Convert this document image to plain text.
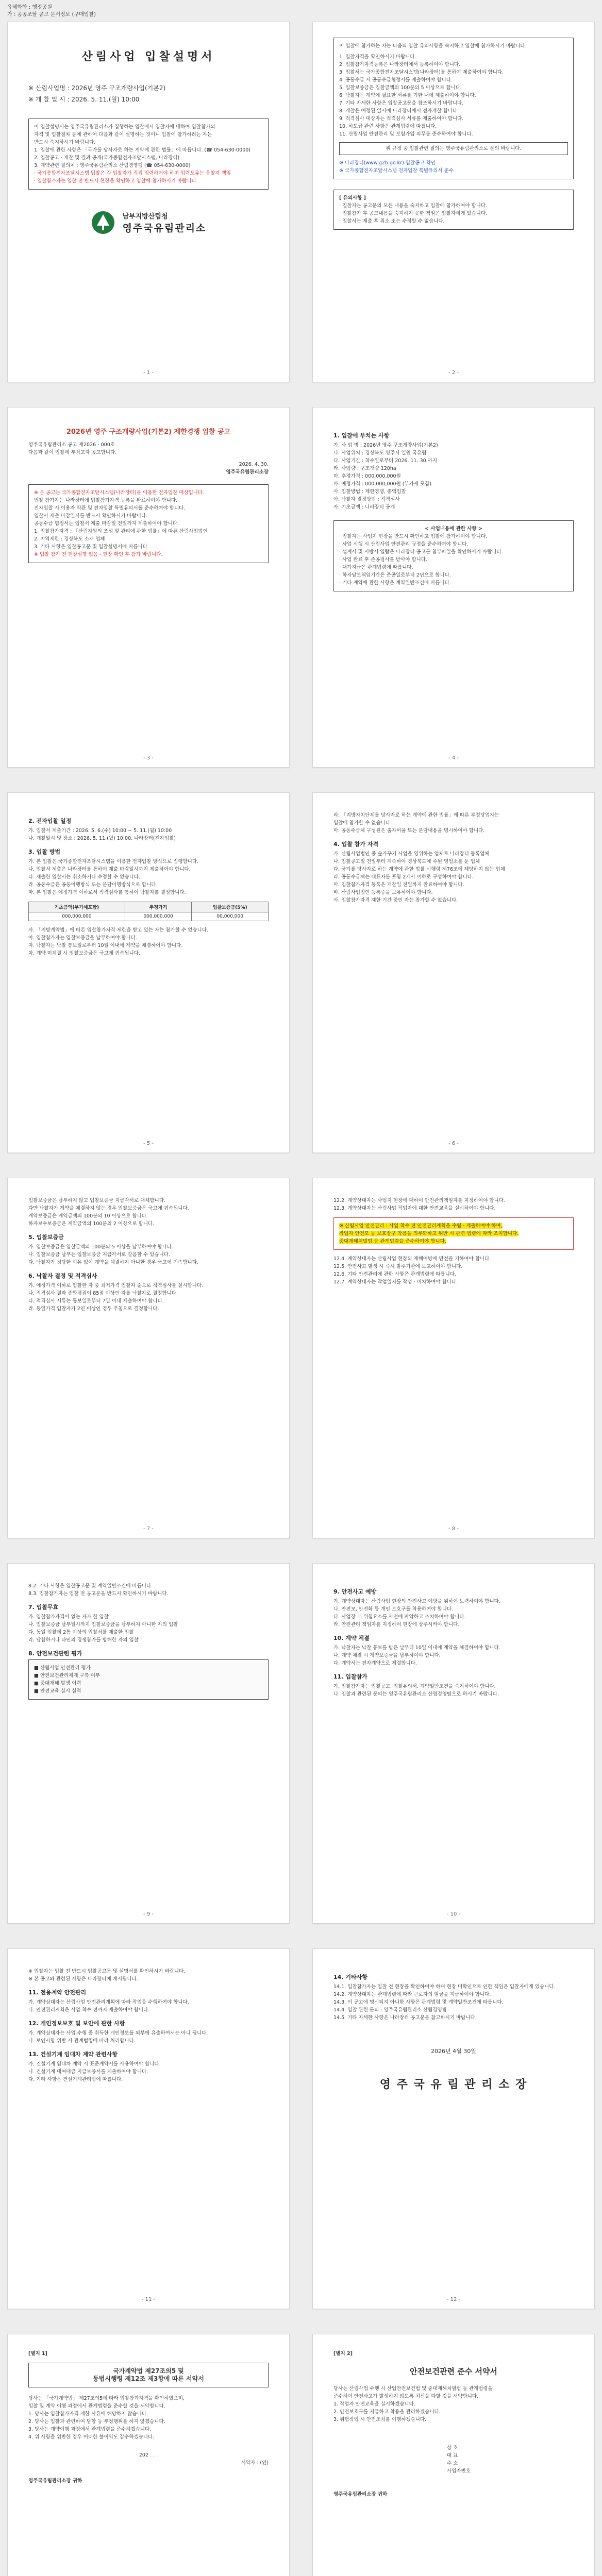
유해화학 : 행정공원
가 : 공공조달 공고 문서정보 (구매입찰)

산림사업 입찰설명서

※ 산림사업명 : 2026년 영주 구조개량사업(기본2)

※ 개 찰 일 시 : 2026. 5. 11.(월) 10:00

이 입찰설명서는 영주국유림관리소가 집행하는 입찰에서 입찰자에 대하여 입찰참가의

자격 및 입찰절차 등에 관하여 다음과 같이 설명하는 것이니 입찰에 참가하려는 자는

반드시 숙지하시기 바랍니다.

1. 입찰에 관한 사항은 「국가를 당사자로 하는 계약에 관한 법률」에 따릅니다. (☎ 054-630-0000)

2. 입찰공고 · 개찰 및 결과 공개(국가종합전자조달시스템, 나라장터)

3. 계약관련 질의처 : 영주국유림관리소 산림경영팀 (☎ 054-630-0000)

· 국가종합전자조달시스템 입찰은 각 입찰자가 직접 입력하여야 하며 입력오류는 응찰자 책임

· 입찰참가자는 입찰 전 반드시 현장을 확인하고 입찰에 참가하시기 바랍니다.

남부지방산림청
영주국유림관리소
- 1 -

이 입찰에 참가하는 자는 다음의 입찰 유의사항을 숙지하고 입찰에 참가하시기 바랍니다.

1. 입찰자격을 확인하시기 바랍니다.

2. 입찰참가자격등록은 나라장터에서 등록하여야 합니다.

3. 입찰서는 국가종합전자조달시스템(나라장터)를 통하여 제출하여야 합니다.

4. 공동수급 시 공동수급협정서를 제출하여야 합니다.

5. 입찰보증금은 입찰금액의 100분의 5 이상으로 합니다.

6. 낙찰자는 계약에 필요한 서류를 기한 내에 제출하여야 합니다.

7. 기타 자세한 사항은 입찰공고문을 참조하시기 바랍니다.

8. 개찰은 예정된 일시에 나라장터에서 전자개찰 합니다.

9. 적격심사 대상자는 적격심사 서류를 제출하여야 합니다.

10. 하도급 관련 사항은 관계법령에 따릅니다.

11. 산림사업 안전관리 및 보험가입 의무를 준수하여야 합니다.

위 규정 중 입찰관련 질의는 영주국유림관리소로 문의 바랍니다.

※ 나라장터(www.g2b.go.kr) 입찰공고 확인

※ 국가종합전자조달시스템 전자입찰 특별유의서 준수

[ 유의사항 ]

· 입찰자는 공고문의 모든 내용을 숙지하고 입찰에 참가하여야 합니다.

· 입찰참가 후 공고내용을 숙지하지 못한 책임은 입찰자에게 있습니다.

· 입찰서는 제출 후 취소 또는 수정할 수 없습니다.

- 2 -

2026년 영주 구조개량사업(기본2) 제한경쟁 입찰 공고

영주국유림관리소 공고 제2026 - 000호

다음과 같이 입찰에 부치고자 공고합니다.

2026. 4. 30.

영주국유림관리소장

※ 본 공고는 국가종합전자조달시스템(나라장터)을 이용한 전자입찰 대상입니다.

입찰 참가자는 나라장터에 입찰참가자격 등록을 완료하여야 합니다.

전자입찰 시 이용자 약관 및 전자입찰 특별유의서를 준수하여야 합니다.

입찰서 제출 마감일시를 반드시 확인하시기 바랍니다.

공동수급 협정서는 입찰서 제출 마감일 전일까지 제출하여야 합니다.

1. 입찰참가자격 : 「산림자원의 조성 및 관리에 관한 법률」에 따른 산림사업법인

2. 지역제한 : 경상북도 소재 업체

3. 기타 사항은 입찰공고문 및 입찰설명서에 따릅니다.

※ 입찰 참가 전 현장설명 없음 - 현장 확인 후 참가 바랍니다.

- 3 -

1. 입찰에 부치는 사항

가. 사 업 명 : 2026년 영주 구조개량사업(기본2)

나. 사업위치 : 경상북도 영주시 일원 국유림

다. 사업기간 : 착수일로부터 2026. 11. 30.까지

라. 사업량 : 구조개량 120ha

마. 추정가격 : 000,000,000원

바. 예정가격 : 000,000,000원 (부가세 포함)

사. 입찰방법 : 제한경쟁, 총액입찰

아. 낙찰자 결정방법 : 적격심사

자. 기초금액 : 나라장터 공개

< 사업내용에 관한 사항 >

· 입찰자는 사업지 현장을 반드시 확인하고 입찰에 참가하여야 합니다.

· 사업 시행 시 산림사업 안전관리 규정을 준수하여야 합니다.

· 설계서 및 시방서 열람은 나라장터 공고문 첨부파일을 확인하시기 바랍니다.

· 사업 완료 후 준공검사를 받아야 합니다.

· 대가지급은 관계법령에 따릅니다.

· 하자담보책임기간은 준공일로부터 2년으로 합니다.

· 기타 계약에 관한 사항은 계약일반조건에 따릅니다.

- 4 -

2. 전자입찰 일정

가. 입찰서 제출기간 : 2026. 5. 6.(수) 10:00 ~ 5. 11.(월) 10:00

나. 개찰일시 및 장소 : 2026. 5. 11.(월) 10:00, 나라장터(전자입찰)

3. 입찰 방법

가. 본 입찰은 국가종합전자조달시스템을 이용한 전자입찰 방식으로 집행합니다.

나. 입찰서 제출은 나라장터를 통하여 제출 마감일시까지 제출하여야 합니다.

다. 제출한 입찰서는 취소하거나 수정할 수 없습니다.

라. 공동수급은 공동이행방식 또는 분담이행방식으로 합니다.

마. 본 입찰은 예정가격 이하로서 적격심사를 통하여 낙찰자를 결정합니다.

기초금액(부가세포함)	추정가격	입찰보증금(5%)
000,000,000	000,000,000	00,000,000

사. 「지방계약법」에 따른 입찰참가자격 제한을 받고 있는 자는 참가할 수 없습니다.

아. 입찰참가자는 입찰보증금을 납부하여야 합니다.

자. 낙찰자는 낙찰 통보일로부터 10일 이내에 계약을 체결하여야 합니다.

차. 계약 미체결 시 입찰보증금은 국고에 귀속됩니다.

- 5 -

라. 「지방자치단체를 당사자로 하는 계약에 관한 법률」에 따른 부정당업자는

입찰에 참가할 수 없습니다.

마. 공동수급체 구성원은 출자비율 또는 분담내용을 명시하여야 합니다.

4. 입찰 참가 자격

가. 산림사업법인 중 숲가꾸기 사업을 영위하는 업체로 나라장터 등록업체

나. 입찰공고일 전일부터 계속하여 경상북도에 주된 영업소를 둔 업체

다. 국가를 당사자로 하는 계약에 관한 법률 시행령 제76조에 해당하지 않는 업체

라. 공동수급체는 대표자를 포함 2개사 이하로 구성하여야 합니다.

마. 입찰참가자격 등록은 개찰일 전일까지 완료하여야 합니다.

바. 산림사업법인 등록증을 보유하여야 합니다.

사. 입찰참가자격 제한 기간 중인 자는 참가할 수 없습니다.

- 6 -

입찰보증금은 납부하지 않고 입찰보증금 지급각서로 대체합니다.

다만 낙찰자가 계약을 체결하지 않는 경우 입찰보증금은 국고에 귀속됩니다.

계약보증금은 계약금액의 100분의 10 이상으로 합니다.

하자보수보증금은 계약금액의 100분의 2 이상으로 합니다.

5. 입찰보증금

가. 입찰보증금은 입찰금액의 100분의 5 이상을 납부하여야 합니다.

나. 입찰보증금 납부는 입찰보증금 지급각서로 갈음할 수 있습니다.

다. 낙찰자가 정당한 이유 없이 계약을 체결하지 아니한 경우 국고에 귀속합니다.

6. 낙찰자 결정 및 적격심사

가. 예정가격 이하로 입찰한 자 중 최저가격 입찰자 순으로 적격심사를 실시합니다.

나. 적격심사 결과 종합평점이 85점 이상인 자를 낙찰자로 결정합니다.

다. 적격심사 서류는 통보일로부터 7일 이내 제출하여야 합니다.

라. 동일가격 입찰자가 2인 이상인 경우 추첨으로 결정합니다.

- 7 -

12.2. 계약상대자는 사업지 현장에 대하여 안전관리책임자를 지정하여야 합니다.

12.3. 계약상대자는 산림사업 작업자에 대한 안전교육을 실시하여야 합니다.

※ 산림사업 안전관리 : 사업 착수 전 안전관리계획을 수립 · 제출하여야 하며,

작업자 안전모 등 보호장구 착용을 의무화하고 위반 시 관련 법령에 따라 조치합니다.

중대재해처벌법 등 관계법령을 준수하여야 합니다.

12.4. 계약상대자는 산림사업 현장의 재해예방에 만전을 기하여야 합니다.

12.5. 안전사고 발생 시 즉시 발주기관에 보고하여야 합니다.

12.6. 기타 안전관리에 관한 사항은 관계법령에 따릅니다.

12.7. 계약상대자는 작업일지를 작성 · 비치하여야 합니다.

- 8 -

8.2. 기타 사항은 입찰공고문 및 계약일반조건에 따릅니다.

8.3. 입찰참가자는 입찰 전 공고문을 반드시 확인하시기 바랍니다.

7. 입찰무효

가. 입찰참가자격이 없는 자가 한 입찰

나. 입찰보증금 납부일시까지 입찰보증금을 납부하지 아니한 자의 입찰

다. 동일 입찰에 2통 이상의 입찰서를 제출한 입찰

라. 담합하거나 타인의 경쟁참가를 방해한 자의 입찰

8. 안전보건관련 평가

■ 산림사업 안전관리 평가

■ 안전보건관리체계 구축 여부

■ 중대재해 발생 이력

■ 안전교육 실시 실적

- 9 -

9. 안전사고 예방

가. 계약상대자는 산림사업 현장의 안전사고 예방을 위하여 노력하여야 합니다.

나. 안전모, 안전화 등 개인 보호구를 착용하여야 합니다.

다. 사업장 내 위험요소를 사전에 파악하고 조치하여야 합니다.

라. 안전관리 책임자를 지정하여 현장에 상주시켜야 합니다.

10. 계약 체결

가. 낙찰자는 낙찰 통보를 받은 날부터 10일 이내에 계약을 체결하여야 합니다.

나. 계약 체결 시 계약보증금을 납부하여야 합니다.

다. 계약서는 전자계약으로 체결합니다.

11. 입찰참가

가. 입찰참가자는 입찰공고, 입찰유의서, 계약일반조건을 숙지하여야 합니다.

나. 입찰과 관련된 문의는 영주국유림관리소 산림경영팀으로 하시기 바랍니다.

- 10 -

※ 입찰자는 입찰 전 반드시 입찰공고문 및 설명서를 확인하시기 바랍니다.

※ 본 공고와 관련된 사항은 나라장터에 게시됩니다.

11. 전용계약 안전관리

가. 계약상대자는 산림사업 안전관리계획에 따라 작업을 수행하여야 합니다.

나. 안전관리계획은 사업 착수 전까지 제출하여야 합니다.

12. 개인정보보호 및 보안에 관한 사항

가. 계약상대자는 사업 수행 중 취득한 개인정보를 외부에 유출하여서는 아니 됩니다.

나. 보안사항 위반 시 관계법령에 따라 처리합니다.

13. 건설기계 임대차 계약 관련사항

가. 건설기계 임대차 계약 시 표준계약서를 사용하여야 합니다.

나. 건설기계 대여대금 지급보증서를 제출하여야 합니다.

다. 기타 사항은 건설기계관리법에 따릅니다.

- 11 -

14. 기타사항

14.1. 입찰참가자는 입찰 전 현장을 확인하여야 하며 현장 미확인으로 인한 책임은 입찰자에게 있습니다.

14.2. 계약상대자는 관계법령에 따라 근로자의 임금을 지급하여야 합니다.

14.3. 이 공고에 명시되지 아니한 사항은 관계법령 및 계약일반조건에 따릅니다.

14.4. 입찰 관련 문의 : 영주국유림관리소 산림경영팀

14.5. 기타 자세한 사항은 나라장터 공고문을 참고하시기 바랍니다.

2026년 4월 30일

영 주 국 유 림 관 리 소 장

- 12 -

[별지 1]

국가계약법 제27조의5 및

동법시행령 제12조 제3항에 따른 서약서

당사는 「국가계약법」 제27조의5에 따라 입찰참가자격을 확인하였으며,

입찰 및 계약 이행 과정에서 관계법령을 준수할 것을 서약합니다.

1. 당사는 입찰참가자격 제한 사유에 해당하지 않습니다.

2. 당사는 입찰과 관련하여 담합 등 부정행위를 하지 않겠습니다.

3. 당사는 계약이행 과정에서 관계법령을 준수하겠습니다.

4. 위 사항을 위반한 경우 어떠한 불이익도 감수하겠습니다.

202 . . .

서약자 : (인)

영주국유림관리소장 귀하

[별지 2]

안전보건관련 준수 서약서

당사는 산림사업 수행 시 산업안전보건법 및 중대재해처벌법 등 관계법령을

준수하여 안전사고가 발생하지 않도록 최선을 다할 것을 서약합니다.

1. 작업자 안전교육을 실시하겠습니다.

2. 안전보호구를 지급하고 착용을 관리하겠습니다.

3. 위험작업 시 안전조치를 이행하겠습니다.

상 호

대 표

주 소

사업자번호

영주국유림관리소장 귀하
